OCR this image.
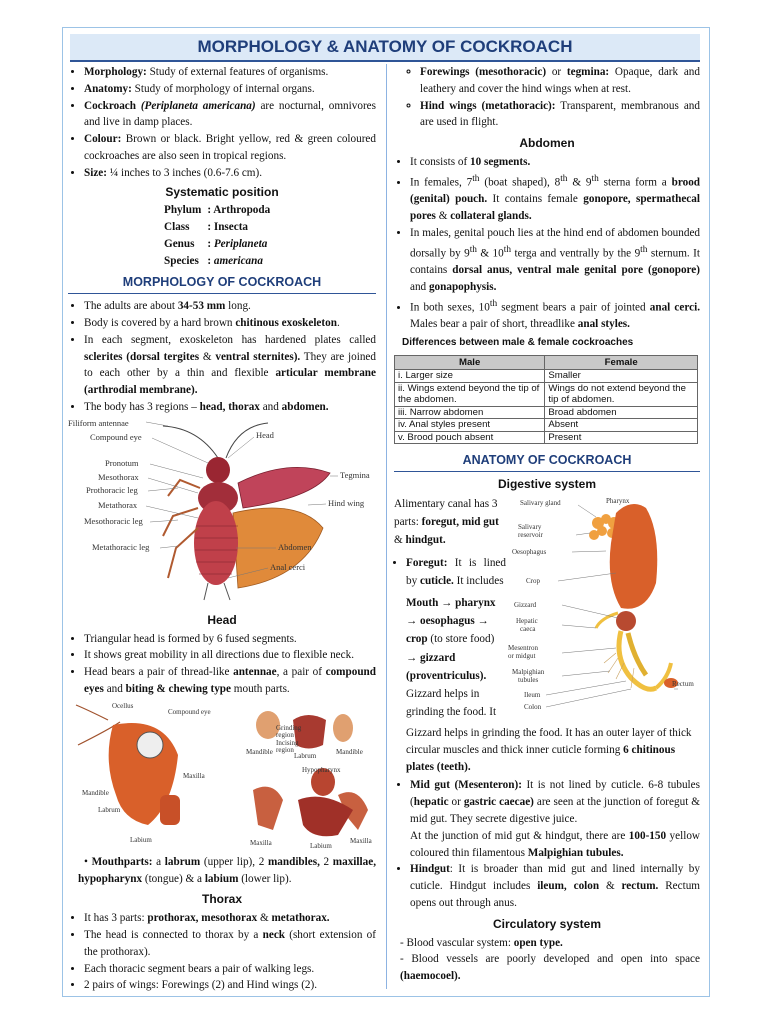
MORPHOLOGY & ANATOMY OF COCKROACH
• Morphology: Study of external features of organisms.
• Anatomy: Study of morphology of internal organs.
• Cockroach (Periplaneta americana) are nocturnal, omnivores and live in damp places.
• Colour: Brown or black. Bright yellow, red & green coloured cockroaches are also seen in tropical regions.
• Size: ¼ inches to 3 inches (0.6-7.6 cm).
Systematic position
Phylum	: Arthropoda
Class	: Insecta
Genus	: Periplaneta
Species	: americana
MORPHOLOGY OF COCKROACH
• The adults are about 34-53 mm long.
• Body is covered by a hard brown chitinous exoskeleton.
• In each segment, exoskeleton has hardened plates called sclerites (dorsal tergites & ventral sternites). They are joined to each other by a thin and flexible articular membrane (arthrodial membrane).
• The body has 3 regions – head, thorax and abdomen.
Filiform antennae
Compound eye
Pronotum
Mesothorax
Prothoracic leg
Metathorax
Mesothoracic leg
Metathoracic leg
Head
Tegmina
Hind wing
Abdomen
Anal cerci
Head
• Triangular head is formed by 6 fused segments.
• It shows great mobility in all directions due to flexible neck.
• Head bears a pair of thread-like antennae, a pair of compound eyes and biting & chewing type mouth parts.
Ocellus
Compound eye
Maxilla
Mandible
Labrum
Labium
Labrum
Grinding
region
Incising
region
Mandible	Mandible
Hypopharynx
Maxilla	Labium
Maxilla
• Mouthparts: a labrum (upper lip), 2 mandibles, 2 maxillae, hypopharynx (tongue) & a labium (lower lip).
Thorax
• It has 3 parts: prothorax, mesothorax & metathorax.
• The head is connected to thorax by a neck (short extension of the prothorax).
• Each thoracic segment bears a pair of walking legs.
• 2 pairs of wings: Forewings (2) and Hind wings (2).
◦ Forewings (mesothoracic) or tegmina: Opaque, dark and leathery and cover the hind wings when at rest.
◦ Hind wings (metathoracic): Transparent, membranous and are used in flight.
Abdomen
• It consists of 10 segments.
• In females, 7th (boat shaped), 8th & 9th sterna form a brood (genital) pouch. It contains female gonopore, spermathecal pores & collateral glands.
• In males, genital pouch lies at the hind end of abdomen bounded dorsally by 9th & 10th terga and ventrally by the 9th sternum. It contains dorsal anus, ventral male genital pore (gonopore) and gonapophysis.
• In both sexes, 10th segment bears a pair of jointed anal cerci. Males bear a pair of short, threadlike anal styles.
Differences between male & female cockroaches
Male	Female
i. Larger size	Smaller
ii. Wings extend beyond the tip of the abdomen.	Wings do not extend beyond the tip of abdomen.
iii. Narrow abdomen	Broad abdomen
iv. Anal styles present	Absent
v. Brood pouch absent	Present
ANATOMY OF COCKROACH
Digestive system
Alimentary canal has 3 parts: foregut, mid gut & hindgut.
• Foregut: It is lined by cuticle. It includes
Mouth → pharynx → oesophagus → crop (to store food) → gizzard (proventriculus).
Gizzard helps in grinding the food. It
Salivary gland	Pharynx
Salivary
reservoir
Oesophagus
Crop
Gizzard
Hepatic
caeca
Mesentron
or midgut
Malpighian
tubules
Ileum
Colon
Rectum
Gizzard helps in grinding the food. It has an outer layer of thick circular muscles and thick inner cuticle forming 6 chitinous plates (teeth).
• Mid gut (Mesenteron): It is not lined by cuticle. 6-8 tubules (hepatic or gastric caecae) are seen at the junction of foregut & mid gut. They secrete digestive juice.
At the junction of mid gut & hindgut, there are 100-150 yellow coloured thin filamentous Malpighian tubules.
• Hindgut: It is broader than mid gut and lined internally by cuticle. Hindgut includes ileum, colon & rectum. Rectum opens out through anus.
Circulatory system
- Blood vascular system: open type.
- Blood vessels are poorly developed and open into space (haemocoel).
